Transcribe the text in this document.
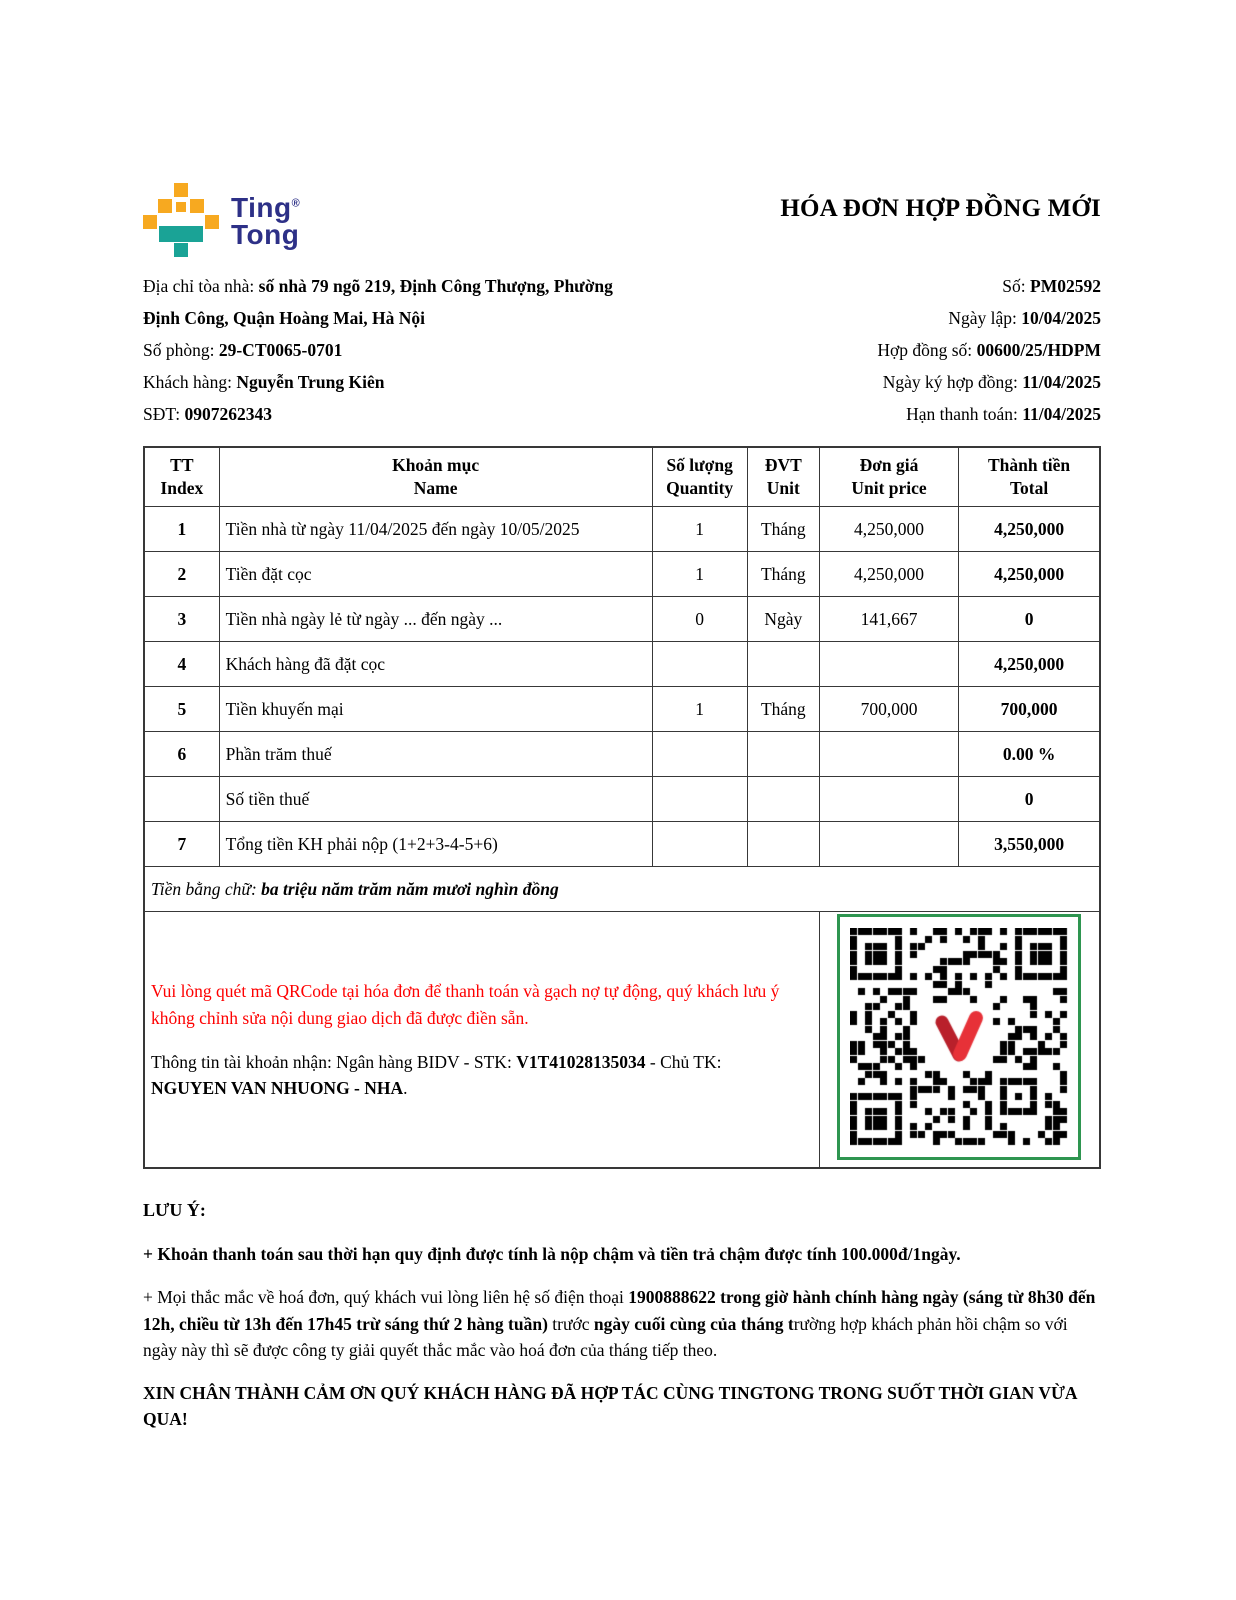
Ting®
Tong
HÓA ĐƠN HỢP ĐỒNG MỚI
Địa chỉ tòa nhà: số nhà 79 ngõ 219, Định Công Thượng, Phường Định Công, Quận Hoàng Mai, Hà Nội
Số phòng: 29-CT0065-0701
Khách hàng: Nguyễn Trung Kiên
SĐT: 0907262343
Số: PM02592
Ngày lập: 10/04/2025
Hợp đồng số: 00600/25/HDPM
Ngày ký hợp đồng: 11/04/2025
Hạn thanh toán: 11/04/2025
TT
Index

Khoản mục
Name

Số lượng
Quantity

ĐVT
Unit

Đơn giá
Unit price

Thành tiền
Total

1	Tiền nhà từ ngày 11/04/2025 đến ngày 10/05/2025	1	Tháng	4,250,000	4,250,000
2	Tiền đặt cọc	1	Tháng	4,250,000	4,250,000
3	Tiền nhà ngày lẻ từ ngày ... đến ngày ...	0	Ngày	141,667	0
4	Khách hàng đã đặt cọc				4,250,000
5	Tiền khuyến mại	1	Tháng	700,000	700,000
6	Phần trăm thuế				0.00 %
	Số tiền thuế				0
7	Tổng tiền KH phải nộp (1+2+3-4-5+6)				3,550,000
Tiền bằng chữ: ba triệu năm trăm năm mươi nghìn đồng					

Vui lòng quét mã QRCode tại hóa đơn để thanh toán và gạch nợ tự động, quý khách lưu ý không chỉnh sửa nội dung giao dịch đã được điền sẵn.

Thông tin tài khoản nhận: Ngân hàng BIDV - STK: V1T41028135034 - Chủ TK:
NGUYEN VAN NHUONG - NHA.

LƯU Ý:

+ Khoản thanh toán sau thời hạn quy định được tính là nộp chậm và tiền trả chậm được tính 100.000đ/1ngày.

+ Mọi thắc mắc về hoá đơn, quý khách vui lòng liên hệ số điện thoại 1900888622 trong giờ hành chính hàng ngày (sáng từ 8h30 đến 12h, chiều từ 13h đến 17h45 trừ sáng thứ 2 hàng tuần) trước ngày cuối cùng của tháng trường hợp khách phản hồi chậm so với ngày này thì sẽ được công ty giải quyết thắc mắc vào hoá đơn của tháng tiếp theo.

XIN CHÂN THÀNH CẢM ƠN QUÝ KHÁCH HÀNG ĐÃ HỢP TÁC CÙNG TINGTONG TRONG SUỐT THỜI GIAN VỪA QUA!
